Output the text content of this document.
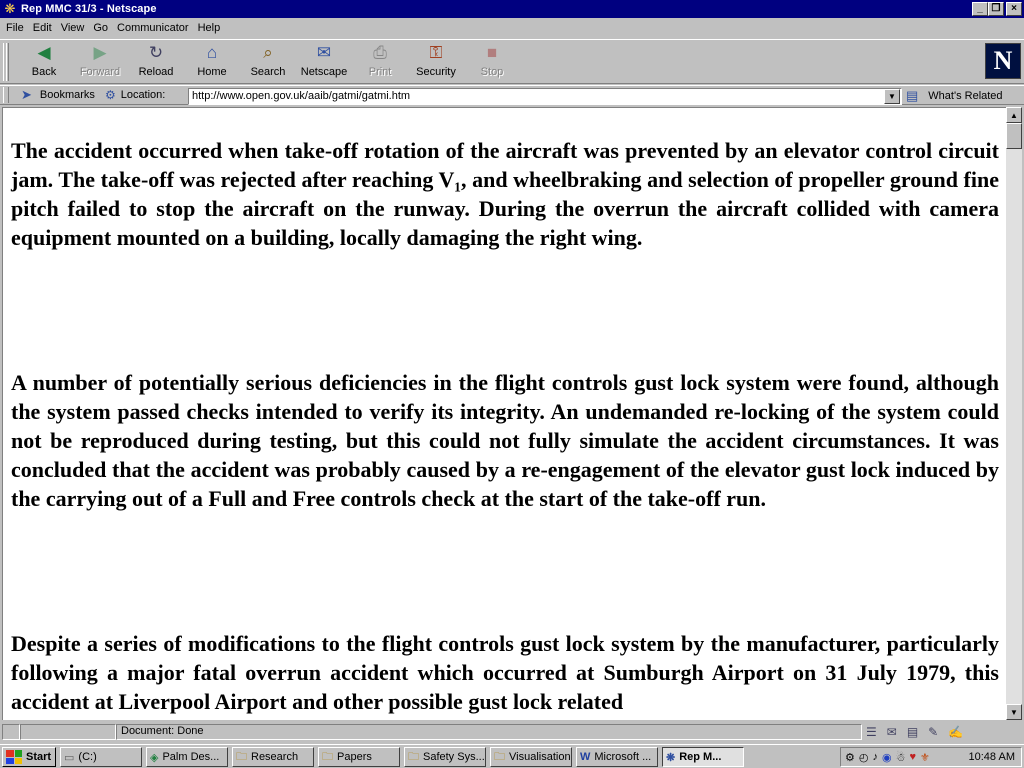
❋ Rep MMC 31/3 - Netscape	_ ❐	×
File Edit View Go Communicator Help
◀
Back
▶
Forward
↻
Reload
⌂
Home
⌕
Search
✉
Netscape
⎙
Print
⚿
Security
■
Stop	N
➤ Bookmarks ⚙ Location:	http://www.open.gov.uk/aaib/gatmi/gatmi.htm	▼ ▤ What's Related

The accident occurred when take-off rotation of the aircraft was prevented by an elevator control circuit jam. The take-off was rejected after reaching V₁, and wheelbraking and selection of propeller ground fine pitch failed to stop the aircraft on the runway. During the overrun the aircraft collided with camera equipment mounted on a building, locally damaging the right wing.

A number of potentially serious deficiencies in the flight controls gust lock system were found, although the system passed checks intended to verify its integrity. An undemanded re-locking of the system could not be reproduced during testing, but this could not fully simulate the accident circumstances. It was concluded that the accident was probably caused by a re-engagement of the elevator gust lock induced by the carrying out of a Full and Free controls check at the start of the take-off run.

Despite a series of modifications to the flight controls gust lock system by the manufacturer, particularly following a major fatal overrun accident which occurred at Sumburgh Airport on 31 July 1979, this accident at Liverpool Airport and other possible gust lock related

▲
▼
Document: Done	☰ ✉ ▤ ✎ ✍
Start ▭ (C:)	◈ Palm Des... 🗀 Research 🗀 Papers	🗀 Safety Sys... 🗀 Visualisation W Microsoft ... ❋ Rep M...	⚙ ◴ ♪ ◉ ☃ ♥ ⚜	10:48 AM
